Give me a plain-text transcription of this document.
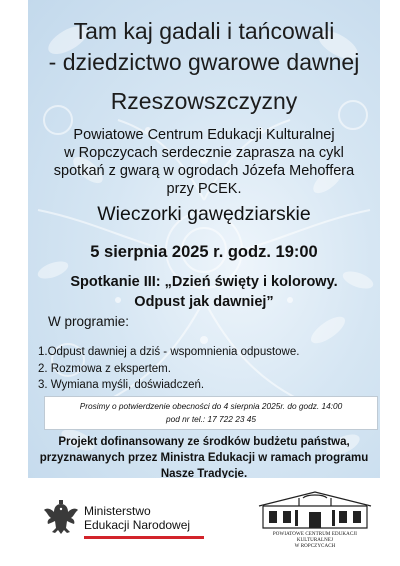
Tam kaj gadali i tańcowali
- dziedzictwo gwarowe dawnej
Rzeszowszczyzny

Powiatowe Centrum Edukacji Kulturalnej

w Ropczycach serdecznie zaprasza na cykl

spotkań z gwarą w ogrodach Józefa Mehoffera

przy PCEK.

Wieczorki gawędziarskie

5 sierpnia 2025 r. godz. 19:00

Spotkanie III: „Dzień święty i kolorowy.

Odpust jak dawniej”

W programie:

1.Odpust dawniej a dziś - wspomnienia odpustowe.
2. Rozmowa z ekspertem.
3. Wymiana myśli, doświadczeń.

Prosimy o potwierdzenie obecności do 4 sierpnia 2025r. do godz. 14:00

pod nr tel.: 17 722 23 45

Projekt dofinansowany ze środków budżetu państwa,

przyznawanych przez Ministra Edukacji w ramach programu

Nasze Tradycje.

Ministerstwo
Edukacji Narodowej
POWIATOWE CENTRUM EDUKACJI KULTURALNEJ
W ROPCZYCACH
